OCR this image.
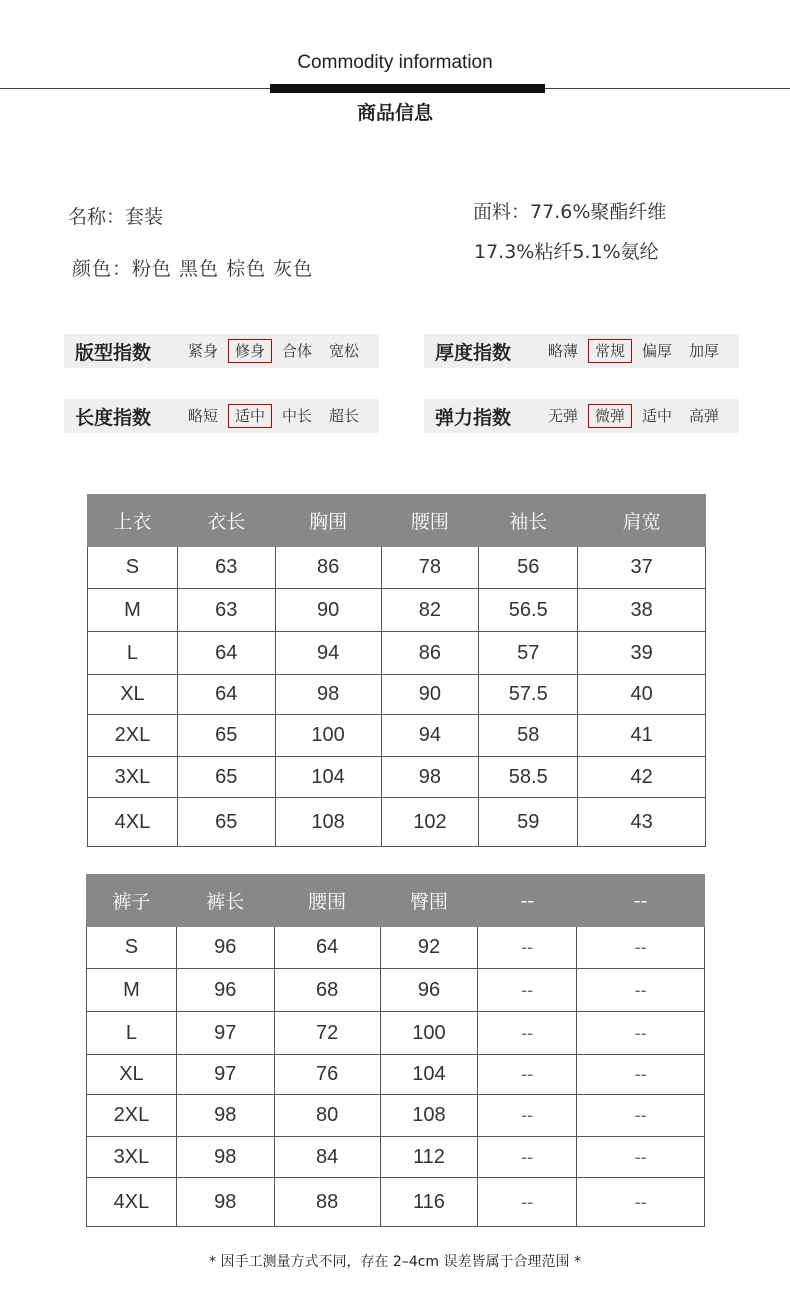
Commodity information
商品信息
名称：套装
颜色：粉色 黑色 棕色 灰色
面料：77.6%聚酯纤维
17.3%粘纤5.1%氨纶
版型指数	紧身	修身	合体	宽松	厚度指数	略薄	常规	偏厚	加厚
长度指数	略短	适中	中长	超长	弹力指数	无弹	微弹	适中	高弹
上衣	衣长	胸围	腰围	袖长	肩宽
S	63	86	78	56	37
M	63	90	82	56.5	38
L	64	94	86	57	39
XL	64	98	90	57.5	40
2XL	65	100	94	58	41
3XL	65	104	98	58.5	42
4XL	65	108	102	59	43
裤子	裤长	腰围	臀围	--	--
S	96	64	92	--	--
M	96	68	96	--	--
L	97	72	100	--	--
XL	97	76	104	--	--
2XL	98	80	108	--	--
3XL	98	84	112	--	--
4XL	98	88	116	--	--
* 因手工测量方式不同，存在 2–4cm 误差皆属于合理范围 *
